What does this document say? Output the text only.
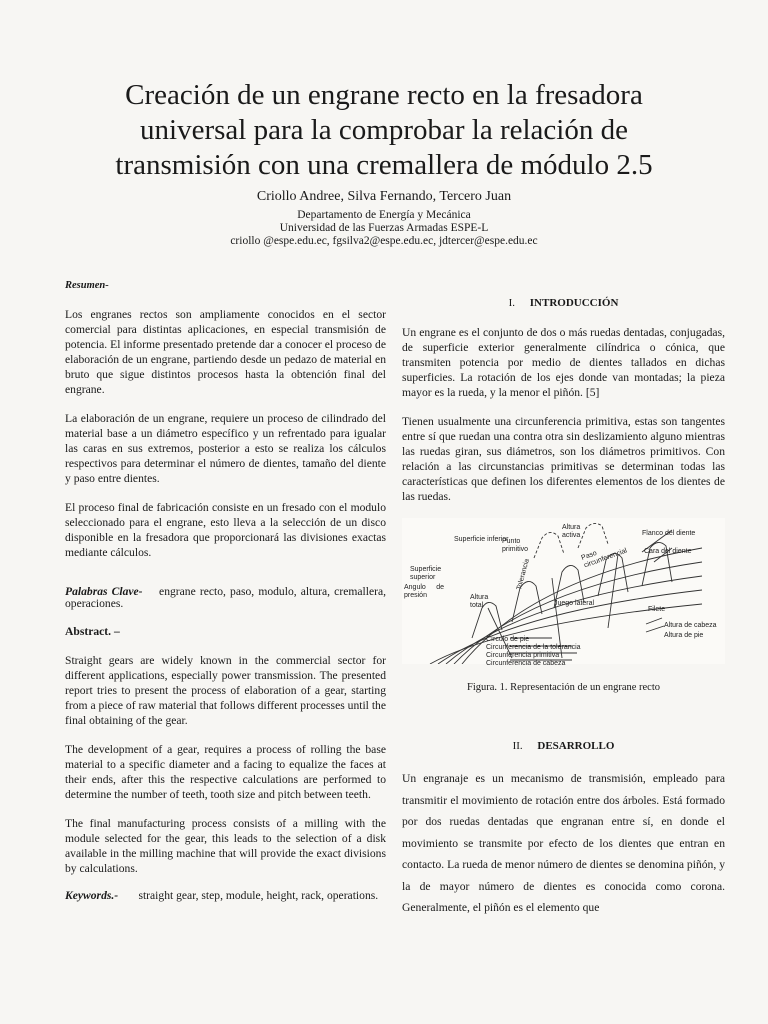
Creación de un engrane recto en la fresadora
universal para la comprobar la relación de
transmisión con una cremallera de módulo 2.5
Criollo Andree, Silva Fernando, Tercero Juan
Departamento de Energía y Mecánica
Universidad de las Fuerzas Armadas ESPE-L
criollo @espe.edu.ec, fgsilva2@espe.edu.ec, jdtercer@espe.edu.ec
Resumen-

Los engranes rectos son ampliamente conocidos en el sector comercial para distintas aplicaciones, en especial transmisión de potencia. El informe presentado pretende dar a conocer el proceso de elaboración de un engrane, partiendo desde un pedazo de material en bruto que sigue distintos procesos hasta la obtención final del engrane.

La elaboración de un engrane, requiere un proceso de cilindrado del material base a un diámetro específico y un refrentado para igualar las caras en sus extremos, posterior a esto se realiza los cálculos respectivos para determinar el número de dientes, tamaño del diente y paso entre dientes.

El proceso final de fabricación consiste en un fresado con el modulo seleccionado para el engrane, esto lleva a la selección de un disco disponible en la fresadora que proporcionará las divisiones exactas mediante cálculos.

Palabras Clave- engrane recto, paso, modulo, altura, cremallera, operaciones.

Abstract. –

Straight gears are widely known in the commercial sector for different applications, especially power transmission. The presented report tries to present the process of elaboration of a gear, starting from a piece of raw material that follows different processes until the final obtaining of the gear.

The development of a gear, requires a process of rolling the base material to a specific diameter and a facing to equalize the faces at their ends, after this the respective calculations are performed to determine the number of teeth, tooth size and pitch between teeth.

The final manufacturing process consists of a milling with the module selected for the gear, this leads to the selection of a disk available in the milling machine that will provide the exact divisions by calculations.

Keywords.- straight gear, step, module, height, rack, operations.

I. INTRODUCCIÓN

Un engrane es el conjunto de dos o más ruedas dentadas, conjugadas, de superficie exterior generalmente cilíndrica o cónica, que transmiten potencia por medio de dientes tallados en dichas superficies. La rotación de los ejes donde van montadas; la pieza mayor es la rueda, y la menor el piñón. [5]

Tienen usualmente una circunferencia primitiva, estas son tangentes entre sí que ruedan una contra otra sin deslizamiento alguno mientras las ruedas giran, sus diámetros, son los diámetros primitivos. Con relación a las circunstancias primitivas se determinan todas las características que definen los diferentes elementos de los dientes de las ruedas.

Superficie inferior
Altura activa
Punto primitivo
Flanco del diente
Cara del diente
Paso circunferencial
Superficie superior
Angulo de presión	Altura total	Juego lateral
Tolerancia
Filete
Círculo de pie
Circunferencia de la tolerancia
Circunferencia primitiva
Circunferencia de cabeza
Altura de cabeza
Altura de pie
Figura. 1. Representación de un engrane recto
II. DESARROLLO

Un engranaje es un mecanismo de transmisión, empleado para transmitir el movimiento de rotación entre dos árboles. Está formado por dos ruedas dentadas que engranan entre sí, en donde el movimiento se transmite por efecto de los dientes que entran en contacto. La rueda de menor número de dientes se denomina piñón, y la de mayor número de dientes es conocida como corona. Generalmente, el piñón es el elemento que
